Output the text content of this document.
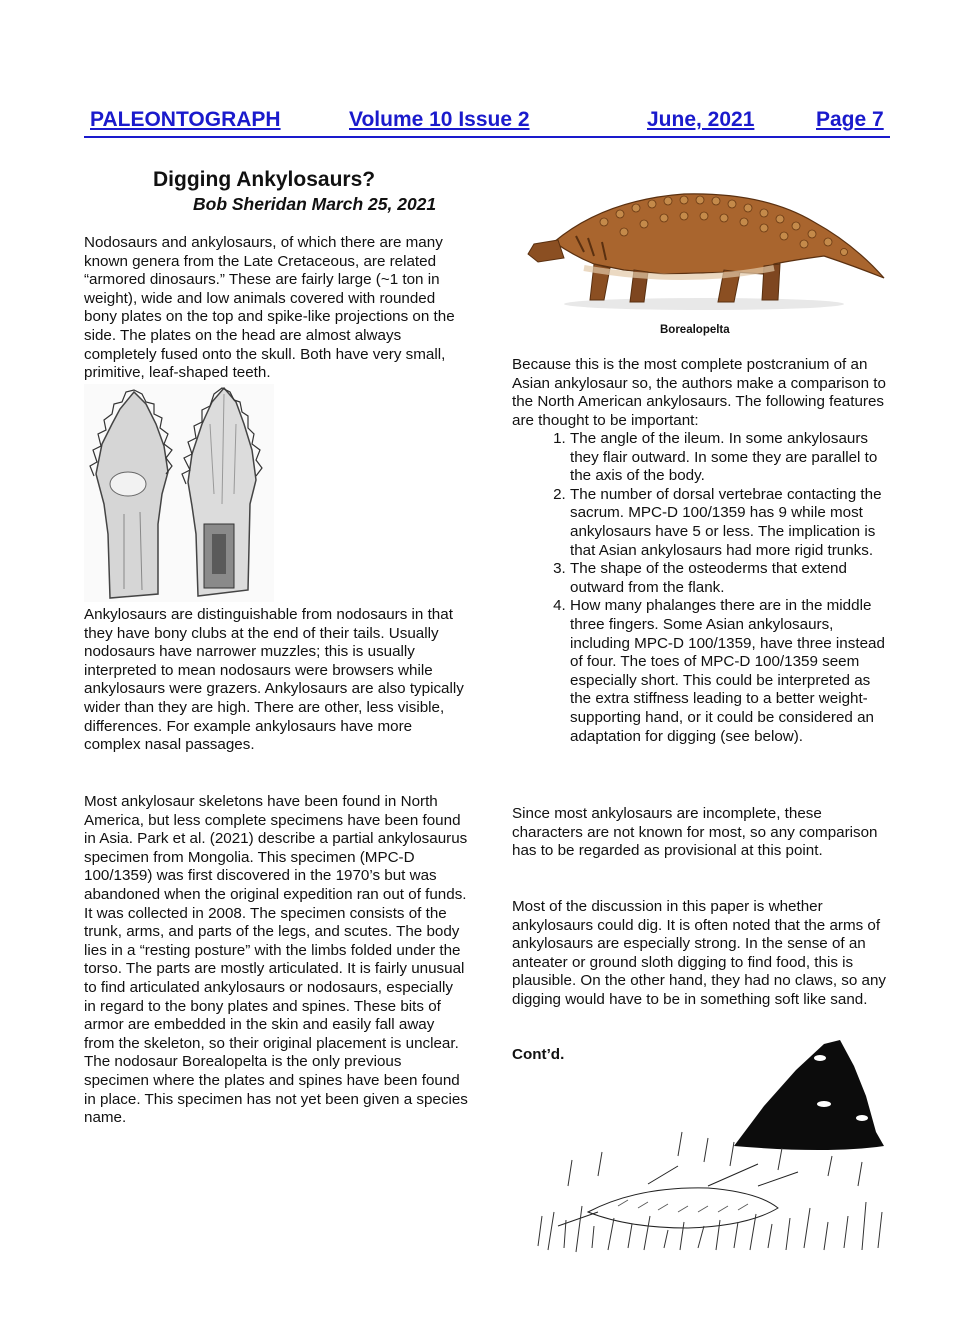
PALEONTOGRAPH	Volume 10 Issue 2	June, 2021	Page 7
Digging Ankylosaurs?
Bob Sheridan March 25, 2021

Nodosaurs and ankylosaurs, of which there are many known genera from the Late Cretaceous, are related “armored dinosaurs.” These are fairly large (~1 ton in weight), wide and low animals covered with rounded bony plates on the top and spike-like projections on the side. The plates on the head are almost always completely fused onto the skull. Both have very small, primitive, leaf-shaped teeth.

Ankylosaurs are distinguishable from nodosaurs in that they have bony clubs at the end of their tails. Usually nodosaurs have narrower muzzles; this is usually interpreted to mean nodosaurs were browsers while ankylosaurs were grazers. Ankylosaurs are also typically wider than they are high. There are other, less visible, differences. For example ankylosaurs have more complex nasal passages.

Most ankylosaur skeletons have been found in North America, but less complete specimens have been found in Asia. Park et al. (2021) describe a partial ankylosaurus specimen from Mongolia. This specimen (MPC-D 100/1359) was first discovered in the 1970’s but was abandoned when the original expedition ran out of funds. It was collected in 2008. The specimen consists of the trunk, arms, and parts of the legs, and scutes. The body lies in a “resting posture” with the limbs folded under the torso. The parts are mostly articulated. It is fairly unusual to find articulated ankylosaurs or nodosaurs, especially in regard to the bony plates and spines. These bits of armor are embedded in the skin and easily fall away from the skeleton, so their original placement is unclear. The nodosaur Borealopelta is the only previous specimen where the plates and spines have been found in place. This specimen has not yet been given a species name.

Borealopelta

Because this is the most complete postcranium of an Asian ankylosaur so, the authors make a comparison to the North American ankylosaurs. The following features are thought to be important:

1. The angle of the ileum. In some ankylosaurs they flair outward. In some they are parallel to the axis of the body.
2. The number of dorsal vertebrae contacting the sacrum. MPC-D 100/1359 has 9 while most ankylosaurs have 5 or less. The implication is that Asian ankylosaurs had more rigid trunks.
3. The shape of the osteoderms that extend outward from the flank.
4. How many phalanges there are in the middle three fingers. Some Asian ankylosaurs, including MPC-D 100/1359, have three instead of four. The toes of MPC-D 100/1359 seem especially short. This could be interpreted as the extra stiffness leading to a better weight-supporting hand, or it could be considered an adaptation for digging (see below).

Since most ankylosaurs are incomplete, these characters are not known for most, so any comparison has to be regarded as provisional at this point.

Most of the discussion in this paper is whether ankylosaurs could dig. It is often noted that the arms of ankylosaurs are especially strong. In the sense of an anteater or ground sloth digging to find food, this is plausible. On the other hand, they had no claws, so any digging would have to be in something soft like sand.

Cont’d.
